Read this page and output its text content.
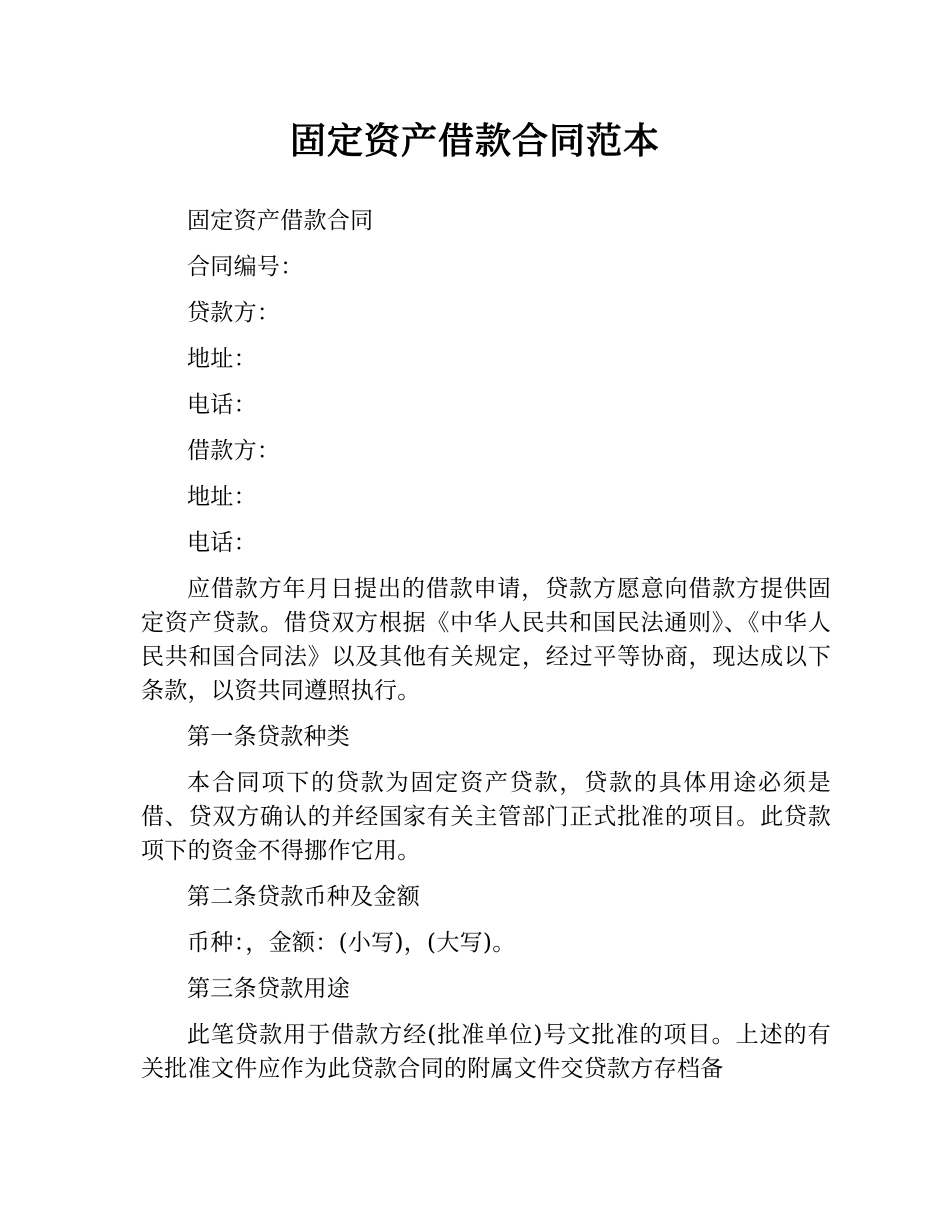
固定资产借款合同范本

固定资产借款合同

合同编号：

贷款方：

地址：

电话：

借款方：

地址：

电话：

应借款方年月日提出的借款申请，贷款方愿意向借款方提供固定资产贷款。借贷双方根据《中华人民共和国民法通则》、《中华人民共和国合同法》以及其他有关规定，经过平等协商，现达成以下条款，以资共同遵照执行。

第一条贷款种类

本合同项下的贷款为固定资产贷款，贷款的具体用途必须是借、贷双方确认的并经国家有关主管部门正式批准的项目。此贷款项下的资金不得挪作它用。

第二条贷款币种及金额

币种：，金额：(小写)，(大写)。

第三条贷款用途

此笔贷款用于借款方经(批准单位)号文批准的项目。上述的有关批准文件应作为此贷款合同的附属文件交贷款方存档备
